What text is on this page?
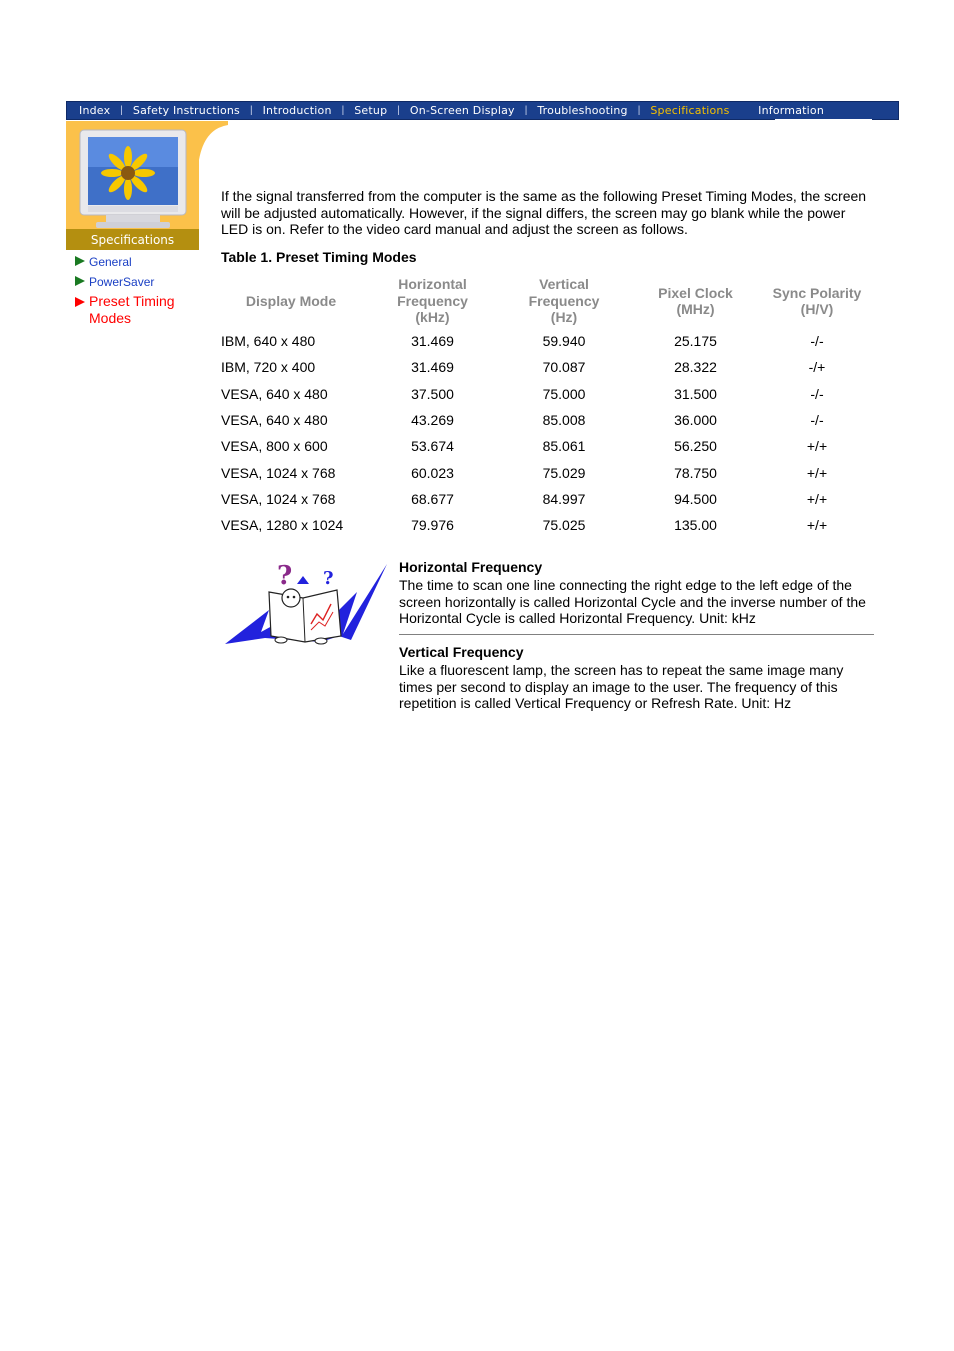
Index	| Safety Instructions	| Introduction	| Setup	| On-Screen Display	| Troubleshooting	| Specifications	Information
Specifications
General
PowerSaver
Preset Timing Modes
If the signal transferred from the computer is the same as the following Preset Timing Modes, the screen will be adjusted automatically. However, if the signal differs, the screen may go blank while the power LED is on. Refer to the video card manual and adjust the screen as follows.
Table 1. Preset Timing Modes
Display Mode	Horizontal
Frequency
(kHz)	Vertical
Frequency
(Hz)	Pixel Clock
(MHz)	Sync Polarity
(H/V)
IBM, 640 x 480	31.469	59.940	25.175	-/-
IBM, 720 x 400	31.469	70.087	28.322	-/+
VESA, 640 x 480	37.500	75.000	31.500	-/-
VESA, 640 x 480	43.269	85.008	36.000	-/-
VESA, 800 x 600	53.674	85.061	56.250	+/+
VESA, 1024 x 768	60.023	75.029	78.750	+/+
VESA, 1024 x 768	68.677	84.997	94.500	+/+
VESA, 1280 x 1024	79.976	75.025	135.00	+/+
? ?
Horizontal Frequency
The time to scan one line connecting the right edge to the left edge of the screen horizontally is called Horizontal Cycle and the inverse number of the Horizontal Cycle is called Horizontal Frequency. Unit: kHz
Vertical Frequency
Like a fluorescent lamp, the screen has to repeat the same image many times per second to display an image to the user. The frequency of this repetition is called Vertical Frequency or Refresh Rate. Unit: Hz
